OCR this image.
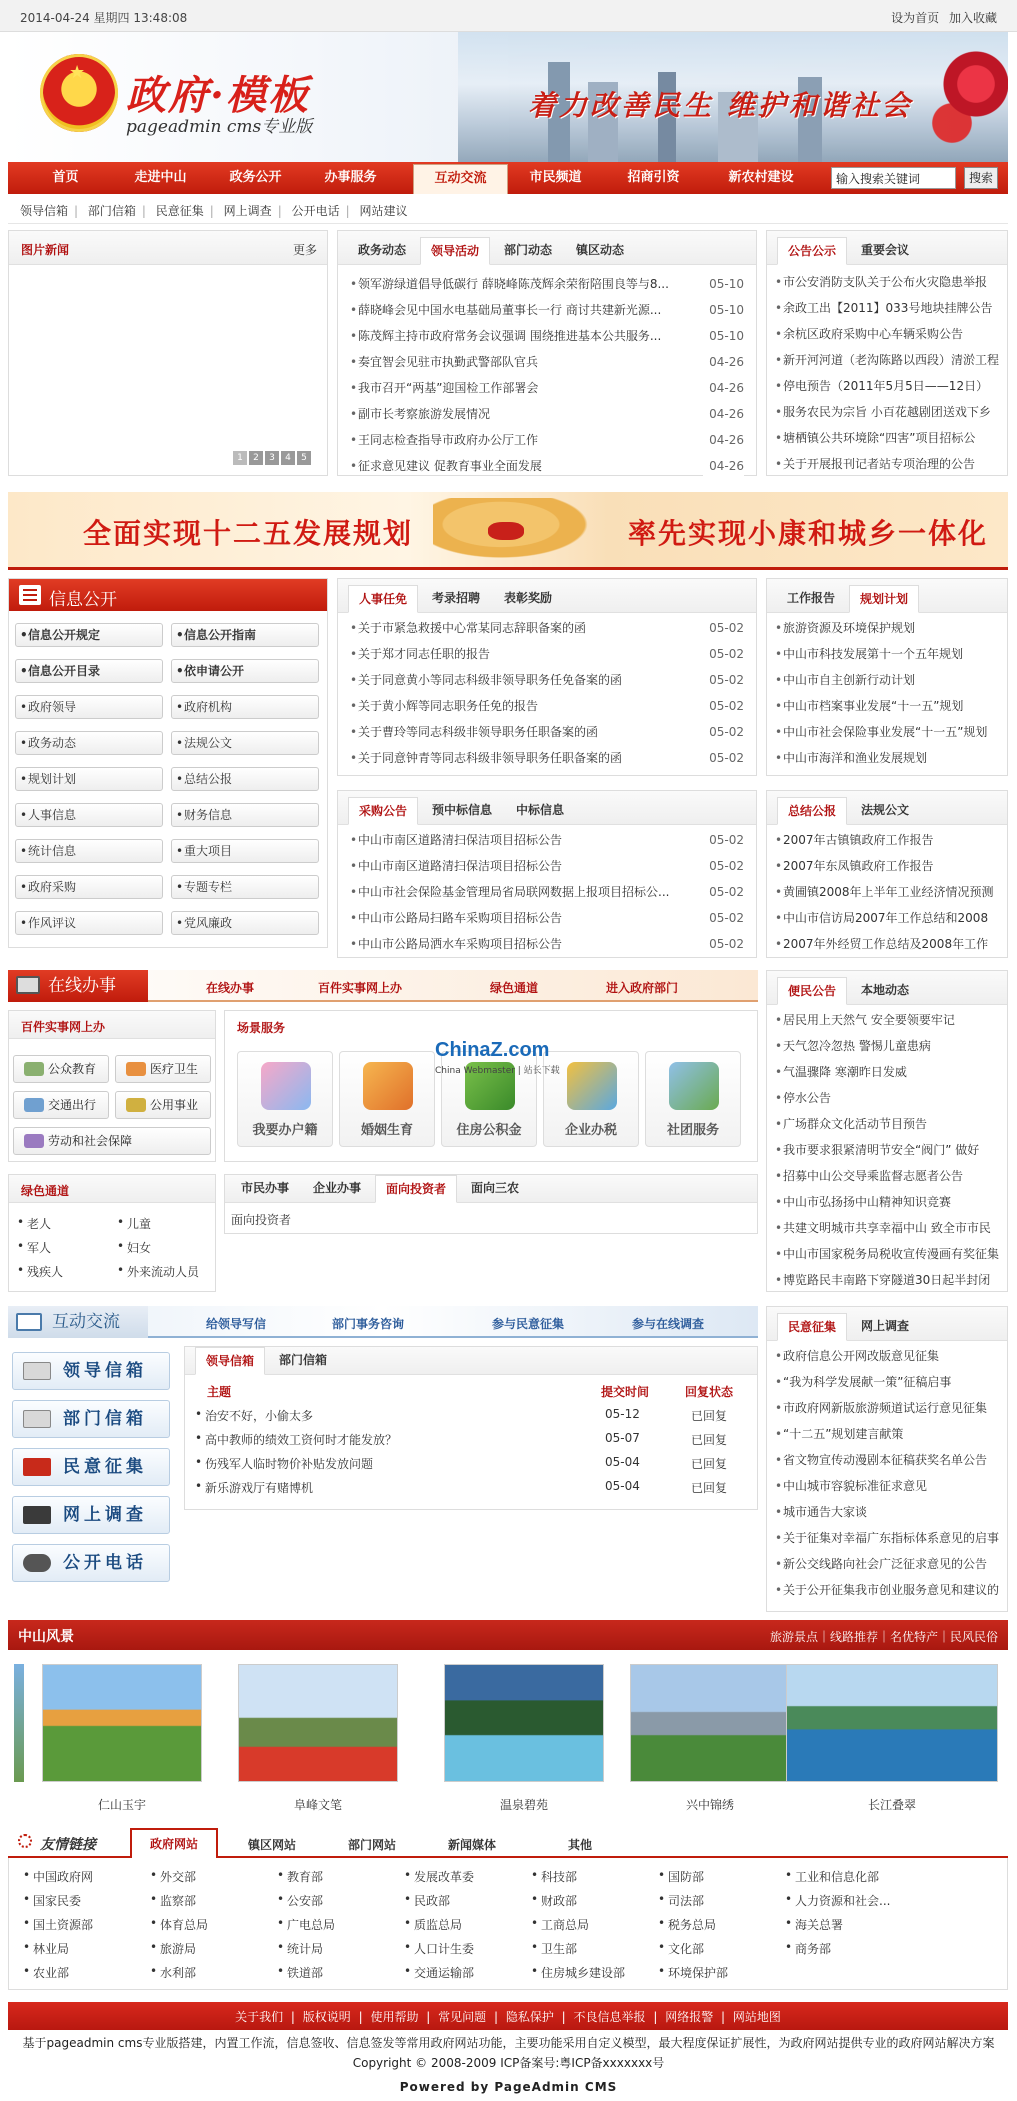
2014-04-24 星期四 13:48:08	设为首页 加入收藏
★ 政府·模板
pageadmin cms专业版
着力改善民生 维护和谐社会
首页	走进中山	政务公开	办事服务	互动交流	市民频道	招商引资	新农村建设
输入搜索关键词	搜索
领导信箱 | 部门信箱 | 民意征集 | 网上调查 | 公开电话 | 网站建议
图片新闻	更多
1	2	3	4	5
政务动态	领导活动	部门动态	镇区动态
• 领军游绿道倡导低碳行 薛晓峰陈茂辉余荣衔陪围良等与8...	05-10
• 薛晓峰会见中国水电基础局董事长一行 商讨共建新光源...	05-10
• 陈茂辉主持市政府常务会议强调 围绕推进基本公共服务...	05-10
• 奏宜智会见驻市执勤武警部队官兵	04-26
• 我市召开“两基”迎国检工作部署会	04-26
• 副市长考察旅游发展情况	04-26
• 王同志检查指导市政府办公厅工作	04-26
• 征求意见建议 促教育事业全面发展	04-26
公告公示	重要会议
• 市公安消防支队关于公布火灾隐患举报
• 余政工出【2011】033号地块挂牌公告
• 余杭区政府采购中心车辆采购公告
• 新开河河道（老沟陈路以西段）清淤工程
• 停电预告（2011年5月5日——12日）
• 服务农民为宗旨 小百花越剧团送戏下乡
• 塘栖镇公共环境除“四害”项目招标公
• 关于开展报刊记者站专项治理的公告
全面实现十二五发展规划	率先实现小康和城乡一体化
信息公开
• 信息公开规定	• 信息公开指南
• 信息公开目录	• 依申请公开
• 政府领导	• 政府机构
• 政务动态	• 法规公文
• 规划计划	• 总结公报
• 人事信息	• 财务信息
• 统计信息	• 重大项目
• 政府采购	• 专题专栏
• 作风评议	• 党风廉政
人事任免	考录招聘	表彰奖励
• 关于市紧急救援中心常某同志辞职备案的函	05-02
• 关于郑才同志任职的报告	05-02
• 关于同意黄小等同志科级非领导职务任免备案的函	05-02
• 关于黄小辉等同志职务任免的报告	05-02
• 关于曹玲等同志科级非领导职务任职备案的函	05-02
• 关于同意钟青等同志科级非领导职务任职备案的函	05-02
工作报告	规划计划
• 旅游资源及环境保护规划
• 中山市科技发展第十一个五年规划
• 中山市自主创新行动计划
• 中山市档案事业发展“十一五”规划
• 中山市社会保险事业发展“十一五”规划
• 中山市海洋和渔业发展规划
采购公告	预中标信息	中标信息
• 中山市南区道路清扫保洁项目招标公告	05-02
• 中山市南区道路清扫保洁项目招标公告	05-02
• 中山市社会保险基金管理局省局联网数据上报项目招标公...	05-02
• 中山市公路局扫路车采购项目招标公告	05-02
• 中山市公路局洒水车采购项目招标公告	05-02
总结公报	法规公文
• 2007年古镇镇政府工作报告
• 2007年东凤镇政府工作报告
• 黄圃镇2008年上半年工业经济情况预测
• 中山市信访局2007年工作总结和2008
• 2007年外经贸工作总结及2008年工作
在线办事	在线办事	百件实事网上办	绿色通道	进入政府部门
百件实事网上办
公众教育	医疗卫生
交通出行	公用事业
劳动和社会保障
场景服务
我要办户籍	婚姻生育	住房公积金	企业办税	社团服务
ChinaZ.com
China Webmaster | 站长下载
绿色通道
• 老人	• 儿童
• 军人	• 妇女
• 残疾人	• 外来流动人员
市民办事	企业办事	面向投资者	面向三农
面向投资者
便民公告	本地动态
• 居民用上天然气 安全要领要牢记
• 天气忽冷忽热 警惕儿童患病
• 气温骤降 寒潮昨日发威
• 停水公告
• 广场群众文化活动节目预告
• 我市要求狠紧清明节安全“阀门” 做好
• 招募中山公交导乘监督志愿者公告
• 中山市弘扬扬中山精神知识竞赛
• 共建文明城市共享幸福中山 致全市市民
• 中山市国家税务局税收宣传漫画有奖征集
• 博览路民丰南路下穿隧道30日起半封闭
互动交流	给领导写信	部门事务咨询	参与民意征集	参与在线调查
领导信箱
部门信箱
民意征集
网上调查
公开电话
领导信箱	部门信箱
主题	提交时间	回复状态
• 治安不好，小偷太多	05-12	已回复
• 高中教师的绩效工资何时才能发放？	05-07	已回复
• 伤残军人临时物价补贴发放问题	05-04	已回复
• 新乐游戏厅有赌博机	05-04	已回复
民意征集	网上调查
• 政府信息公开网改版意见征集
• “我为科学发展献一策”征稿启事
• 市政府网新版旅游频道试运行意见征集
• “十二五”规划建言献策
• 省文物宣传动漫剧本征稿获奖名单公告
• 中山城市容貌标准征求意见
• 城市通告大家谈
• 关于征集对幸福广东指标体系意见的启事
• 新公交线路向社会广泛征求意见的公告
• 关于公开征集我市创业服务意见和建议的
中山风景	旅游景点｜线路推荐｜名优特产｜民风民俗
仁山玉宇	阜峰文笔	温泉碧苑	兴中锦绣	长江叠翠
友情链接	政府网站	镇区网站	部门网站	新闻媒体	其他
• 中国政府网	• 外交部	• 教育部	• 发展改革委	• 科技部	• 国防部	• 工业和信息化部
• 国家民委	• 监察部	• 公安部	• 民政部	• 财政部	• 司法部	• 人力资源和社会...
• 国土资源部	• 体育总局	• 广电总局	• 质监总局	• 工商总局	• 税务总局	• 海关总署
• 林业局	• 旅游局	• 统计局	• 人口计生委	• 卫生部	• 文化部	• 商务部
• 农业部	• 水利部	• 铁道部	• 交通运输部	• 住房城乡建设部	• 环境保护部
关于我们 | 版权说明 | 使用帮助 | 常见问题 | 隐私保护 | 不良信息举报 | 网络报警 | 网站地图
基于pageadmin cms专业版搭建，内置工作流，信息签收、信息签发等常用政府网站功能，主要功能采用自定义模型，最大程度保证扩展性，为政府网站提供专业的政府网站解决方案
Copyright © 2008-2009 ICP备案号:粤ICP备xxxxxxx号
Powered by PageAdmin CMS
